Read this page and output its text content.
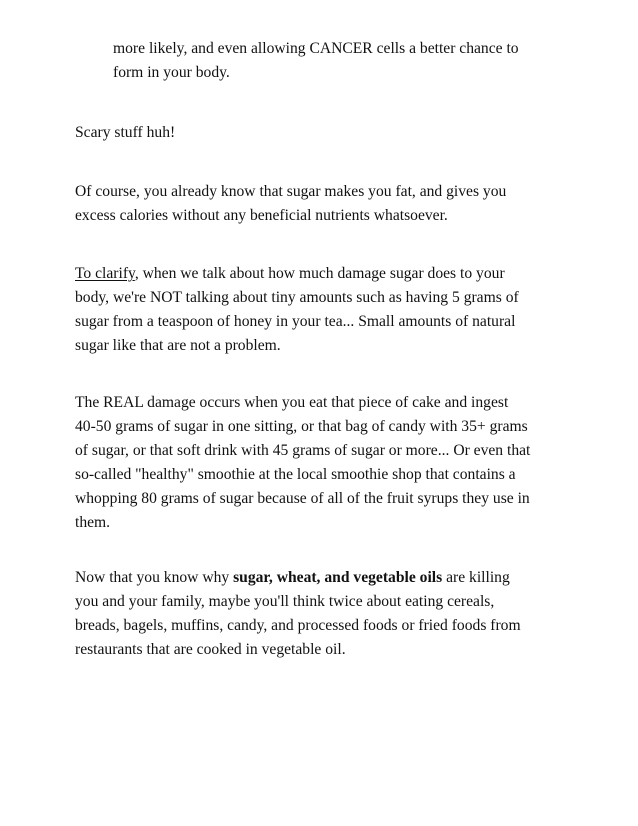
more likely, and even allowing CANCER cells a better chance to
form in your body.

Scary stuff huh!

Of course, you already know that sugar makes you fat, and gives you
excess calories without any beneficial nutrients whatsoever.

To clarify, when we talk about how much damage sugar does to your
body, we're NOT talking about tiny amounts such as having 5 grams of
sugar from a teaspoon of honey in your tea... Small amounts of natural
sugar like that are not a problem.

The REAL damage occurs when you eat that piece of cake and ingest
40-50 grams of sugar in one sitting, or that bag of candy with 35+ grams
of sugar, or that soft drink with 45 grams of sugar or more... Or even that
so-called "healthy" smoothie at the local smoothie shop that contains a
whopping 80 grams of sugar because of all of the fruit syrups they use in
them.

Now that you know why sugar, wheat, and vegetable oils are killing
you and your family, maybe you'll think twice about eating cereals,
breads, bagels, muffins, candy, and processed foods or fried foods from
restaurants that are cooked in vegetable oil.
